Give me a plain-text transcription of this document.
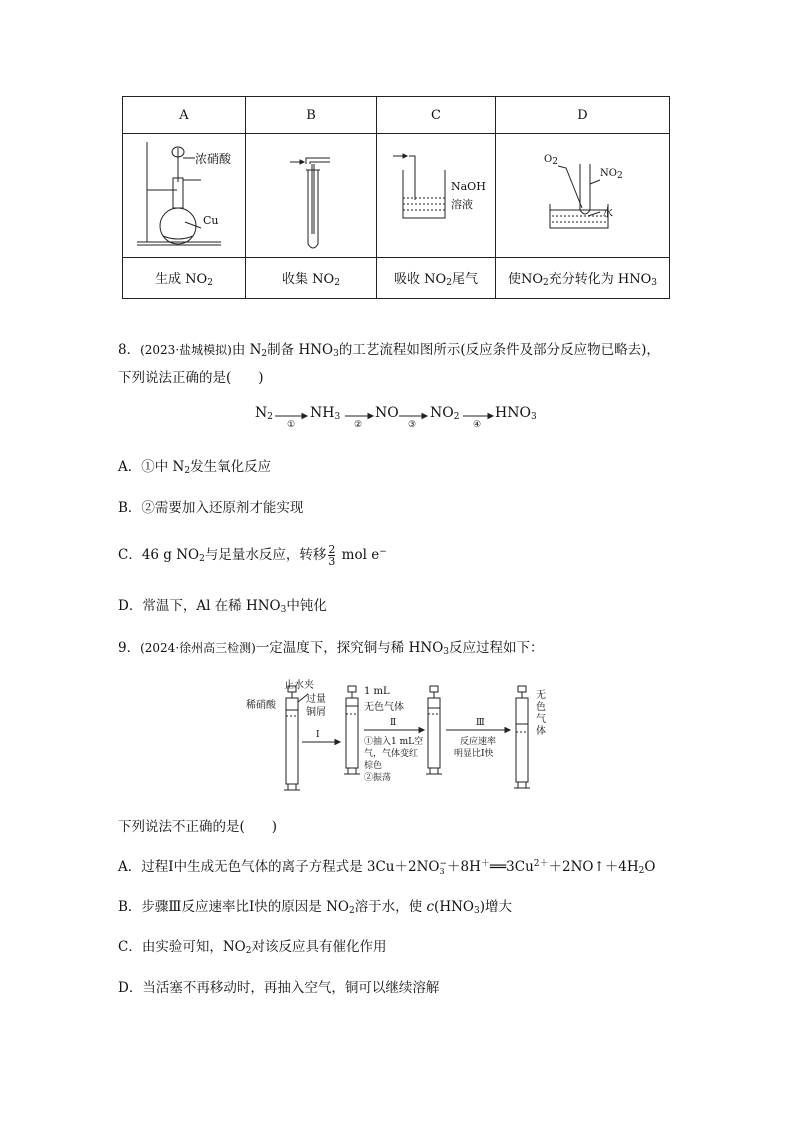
A	B	C	D

浓硝酸
Cu		NaOH
溶液	O2
NO2
水

生成 $NO_2$	收集 $NO_2$	吸收 $NO_2$尾气	使$NO_2$充分转化为 $HNO_3$
8．(2023·盐城模拟)由 $N_2$制备 $HNO_3$的工艺流程如图所示(反应条件及部分反应物已略去)，
下列说法正确的是(　　)
$N_2$	$NH_3$ NO $NO_2$	$HNO_3$
①	②	③	④
A．①中 $N_2$发生氧化反应
B．②需要加入还原剂才能实现
C．46 g $NO_2$与足量水反应，转移 $\frac{2}{3}$ mol e−
D．常温下，Al 在稀 $HNO_3$中钝化
9．(2024·徐州高三检测)一定温度下，探究铜与稀 $HNO_3$反应过程如下：
止水夹
稀硝酸
过量
铜屑
Ⅰ
1 mL
无色气体
Ⅱ
①抽入1 mL空
气，气体变红
棕色
②振荡
Ⅲ
反应速率
明显比Ⅰ快
无
色
气
体
下列说法不正确的是(　　)
A．过程Ⅰ中生成无色气体的离子方程式是 3Cu＋2NO −
$3 +8H^+══3Cu^{2+}+2NO↑+4H_2O$
B．步骤Ⅲ反应速率比Ⅰ快的原因是 $NO_2$溶于水，使 $c(HNO_3)$增大
C．由实验可知，$NO_2$对该反应具有催化作用
D．当活塞不再移动时，再抽入空气，铜可以继续溶解
